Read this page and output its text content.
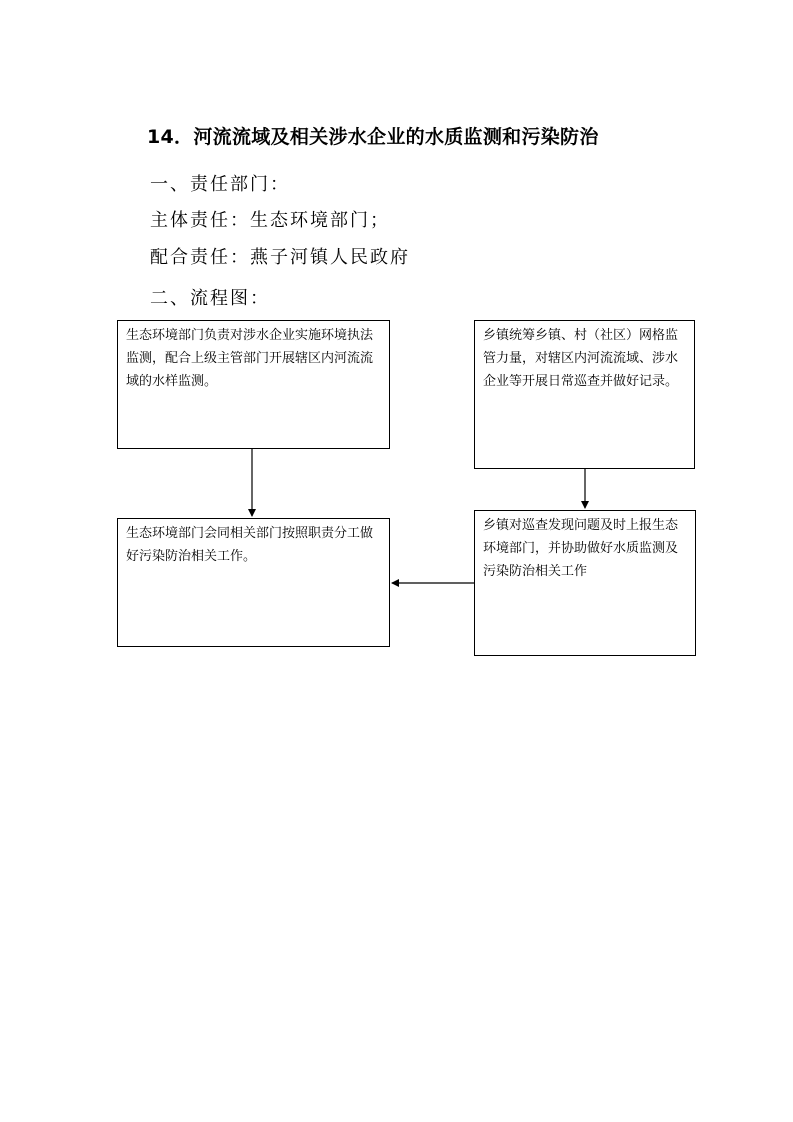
14．河流流域及相关涉水企业的水质监测和污染防治
一、责任部门：
主体责任：生态环境部门；
配合责任：燕子河镇人民政府
二、流程图：
生态环境部门负责对涉水企业实施环境执法监测，配合上级主管部门开展辖区内河流流域的水样监测。
乡镇统筹乡镇、村（社区）网格监管力量，对辖区内河流流域、涉水企业等开展日常巡查并做好记录。
生态环境部门会同相关部门按照职责分工做好污染防治相关工作。
乡镇对巡查发现问题及时上报生态环境部门，并协助做好水质监测及污染防治相关工作
